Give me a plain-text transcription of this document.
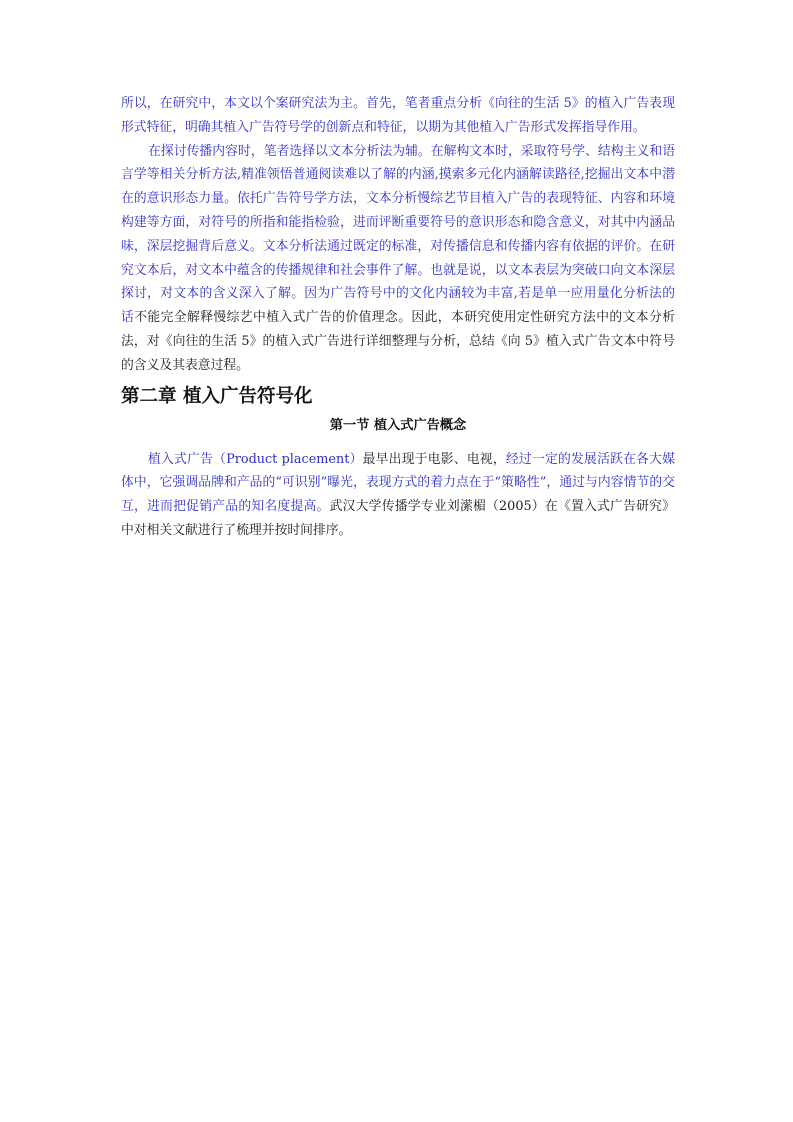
所以，在研究中，本文以个案研究法为主。首先，笔者重点分析《向往的生活 5》的植入广告表现形式特征，明确其植入广告符号学的创新点和特征，以期为其他植入广告形式发挥指导作用。

在探讨传播内容时，笔者选择以文本分析法为辅。在解构文本时，采取符号学、结构主义和语言学等相关分析方法,精准领悟普通阅读难以了解的内涵,摸索多元化内涵解读路径,挖掘出文本中潜在的意识形态力量。依托广告符号学方法，文本分析慢综艺节目植入广告的表现特征、内容和环境构建等方面，对符号的所指和能指检验，进而评断重要符号的意识形态和隐含意义，对其中内涵品味，深层挖掘背后意义。文本分析法通过既定的标准，对传播信息和传播内容有依据的评价。在研究文本后，对文本中蕴含的传播规律和社会事件了解。也就是说，以文本表层为突破口向文本深层探讨，对文本的含义深入了解。因为广告符号中的文化内涵较为丰富,若是单一应用量化分析法的话不能完全解释慢综艺中植入式广告的价值理念。因此，本研究使用定性研究方法中的文本分析法，对《向往的生活 5》的植入式广告进行详细整理与分析，总结《向 5》植入式广告文本中符号的含义及其表意过程。

第二章 植入广告符号化
第一节 植入式广告概念

植入式广告（Product placement）最早出现于电影、电视，经过一定的发展活跃在各大媒体中，它强调品牌和产品的“可识别”曝光，表现方式的着力点在于“策略性”，通过与内容情节的交互，进而把促销产品的知名度提高。武汉大学传播学专业刘潆楣（2005）在《置入式广告研究》中对相关文献进行了梳理并按时间排序。
